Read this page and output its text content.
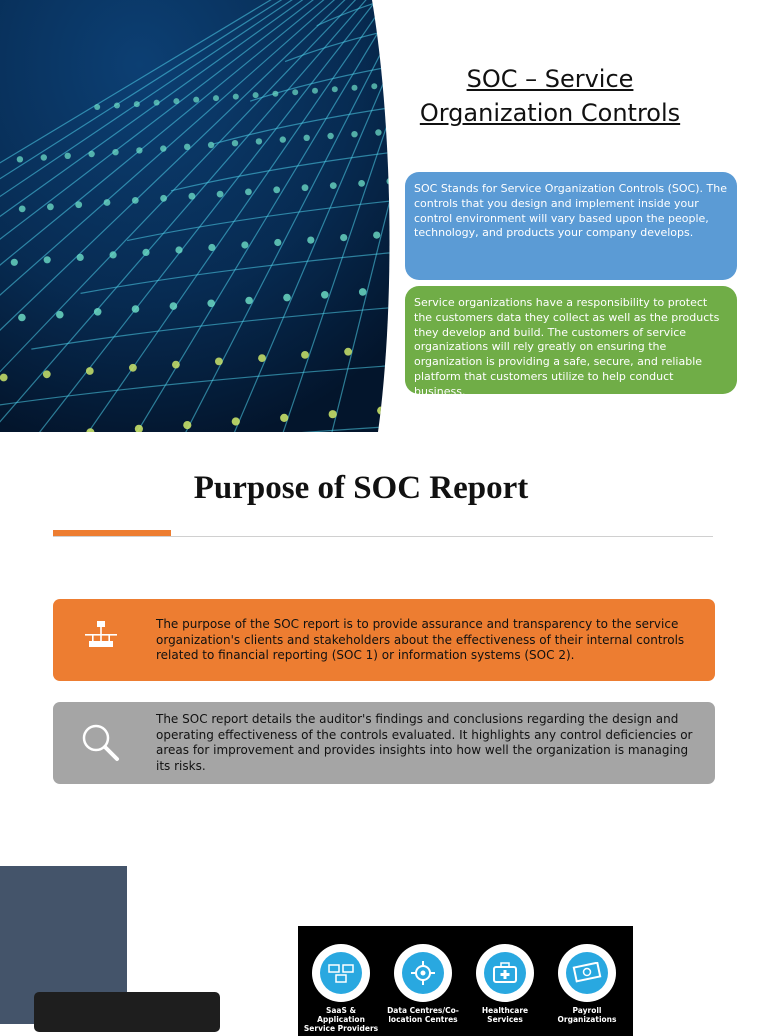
SOC – Service
Organization Controls
SOC Stands for Service Organization Controls (SOC). The controls that you design and implement inside your control environment will vary based upon the people, technology, and products your company develops.
Service organizations have a responsibility to protect the customers data they collect as well as the products they develop and build. The customers of service organizations will rely greatly on ensuring the organization is providing a safe, secure, and reliable platform that customers utilize to help conduct business.
Purpose of SOC Report
The purpose of the SOC report is to provide assurance and transparency to the service organization's clients and stakeholders about the effectiveness of their internal controls related to financial reporting (SOC 1) or information systems (SOC 2).
The SOC report details the auditor's findings and conclusions regarding the design and operating effectiveness of the controls evaluated. It highlights any control deficiencies or areas for improvement and provides insights into how well the organization is managing its risks.
SaaS & Application Service Providers
Data Centres/Co-location Centres
Healthcare Services
Payroll Organizations
